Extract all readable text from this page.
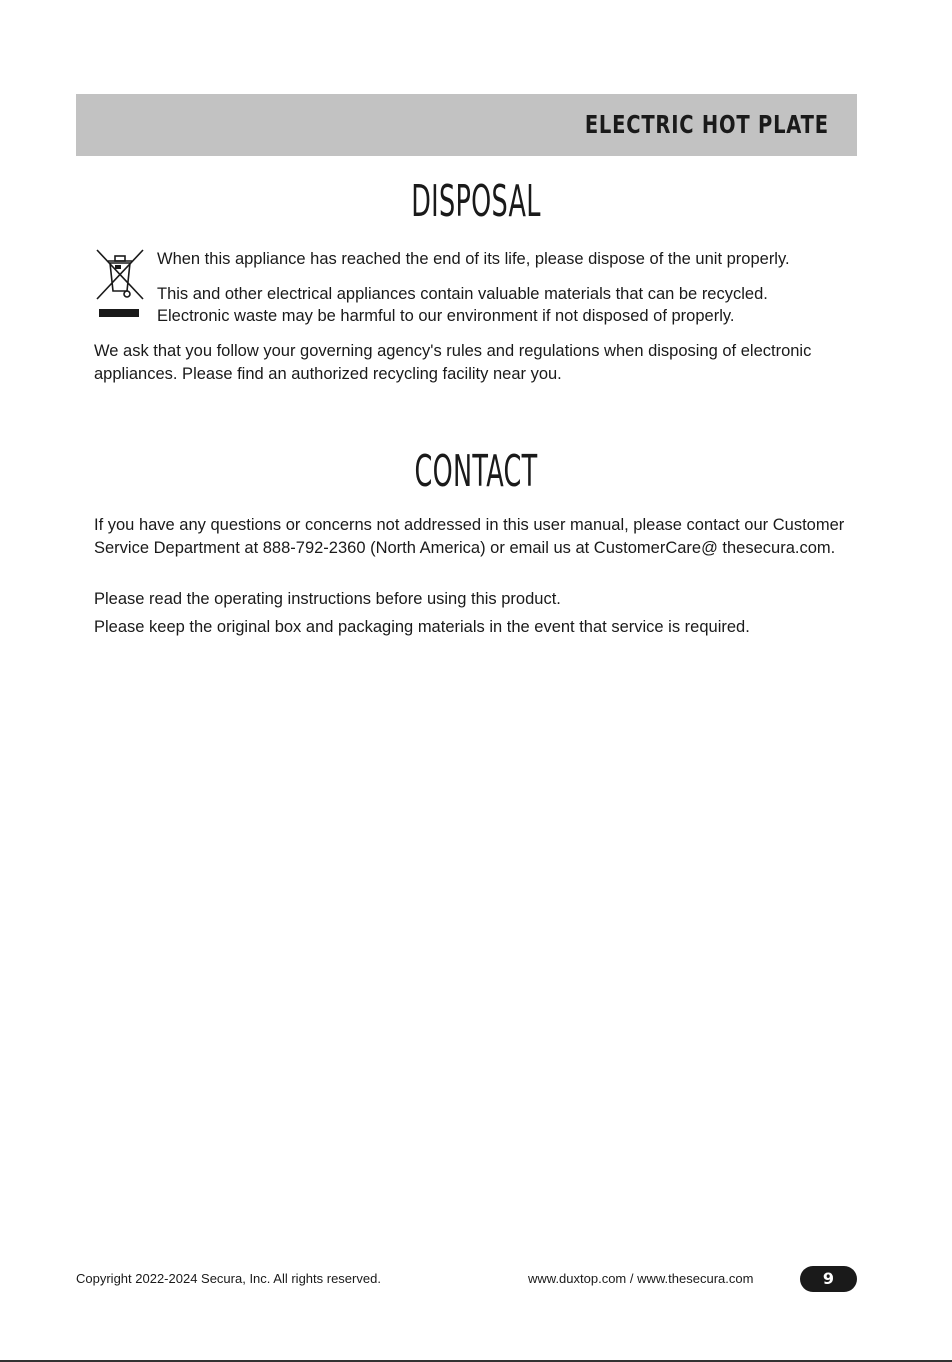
ELECTRIC HOT PLATE
DISPOSAL

When this appliance has reached the end of its life, please dispose of the unit properly.

This and other electrical appliances contain valuable materials that can be recycled.

Electronic waste may be harmful to our environment if not disposed of properly.

We ask that you follow your governing agency's rules and regulations when disposing of electronic appliances. Please find an authorized recycling facility near you.

CONTACT

If you have any questions or concerns not addressed in this user manual, please contact our Customer Service Department at 888-792-2360 (North America) or email us at CustomerCare@ thesecura.com.

Please read the operating instructions before using this product.

Please keep the original box and packaging materials in the event that service is required.

Copyright 2022-2024 Secura, Inc. All rights reserved.	www.duxtop.com / www.thesecura.com	9
